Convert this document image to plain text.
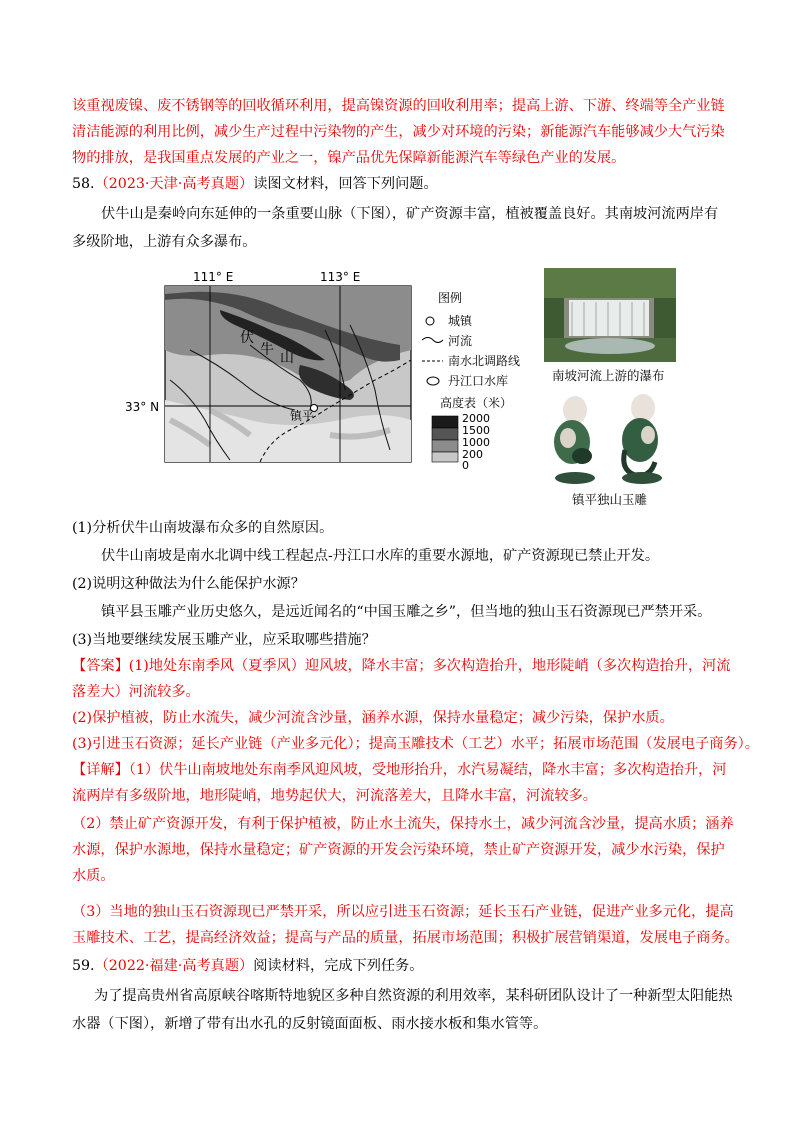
该重视废镍、废不锈钢等的回收循环利用，提高镍资源的回收利用率；提高上游、下游、终端等全产业链
清洁能源的利用比例，减少生产过程中污染物的产生，减少对环境的污染；新能源汽车能够减少大气污染
物的排放，是我国重点发展的产业之一，镍产品优先保障新能源汽车等绿色产业的发展。
58.（2023·天津·高考真题）读图文材料，回答下列问题。
伏牛山是秦岭向东延伸的一条重要山脉（下图），矿产资源丰富，植被覆盖良好。其南坡河流两岸有
多级阶地，上游有众多瀑布。
111° E	113° E
33° N
伏
牛 山
镇平
图例
城镇
河流
南水北调路线
丹江口水库
高度表（米）
2000
1500
1000
200
0
南坡河流上游的瀑布
镇平独山玉雕
(1)分析伏牛山南坡瀑布众多的自然原因。
伏牛山南坡是南水北调中线工程起点-丹江口水库的重要水源地，矿产资源现已禁止开发。
(2)说明这种做法为什么能保护水源？
镇平县玉雕产业历史悠久，是远近闻名的“中国玉雕之乡”，但当地的独山玉石资源现已严禁开采。
(3)当地要继续发展玉雕产业，应采取哪些措施？
【答案】(1)地处东南季风（夏季风）迎风坡，降水丰富；多次构造抬升，地形陡峭（多次构造抬升，河流
落差大）河流较多。
(2)保护植被，防止水流失，减少河流含沙量，涵养水源，保持水量稳定；减少污染，保护水质。
(3)引进玉石资源；延长产业链（产业多元化）；提高玉雕技术（工艺）水平；拓展市场范围（发展电子商务）。
【详解】（1）伏牛山南坡地处东南季风迎风坡，受地形抬升，水汽易凝结，降水丰富；多次构造抬升，河
流两岸有多级阶地，地形陡峭，地势起伏大，河流落差大，且降水丰富，河流较多。
（2）禁止矿产资源开发，有利于保护植被，防止水土流失，保持水土，减少河流含沙量，提高水质；涵养
水源，保护水源地，保持水量稳定；矿产资源的开发会污染环境，禁止矿产资源开发，减少水污染，保护
水质。
（3）当地的独山玉石资源现已严禁开采，所以应引进玉石资源；延长玉石产业链，促进产业多元化，提高
玉雕技术、工艺，提高经济效益；提高与产品的质量，拓展市场范围；积极扩展营销渠道，发展电子商务。
59.（2022·福建·高考真题）阅读材料，完成下列任务。
为了提高贵州省高原峡谷喀斯特地貌区多种自然资源的利用效率，某科研团队设计了一种新型太阳能热
水器（下图），新增了带有出水孔的反射镜面面板、雨水接水板和集水管等。
